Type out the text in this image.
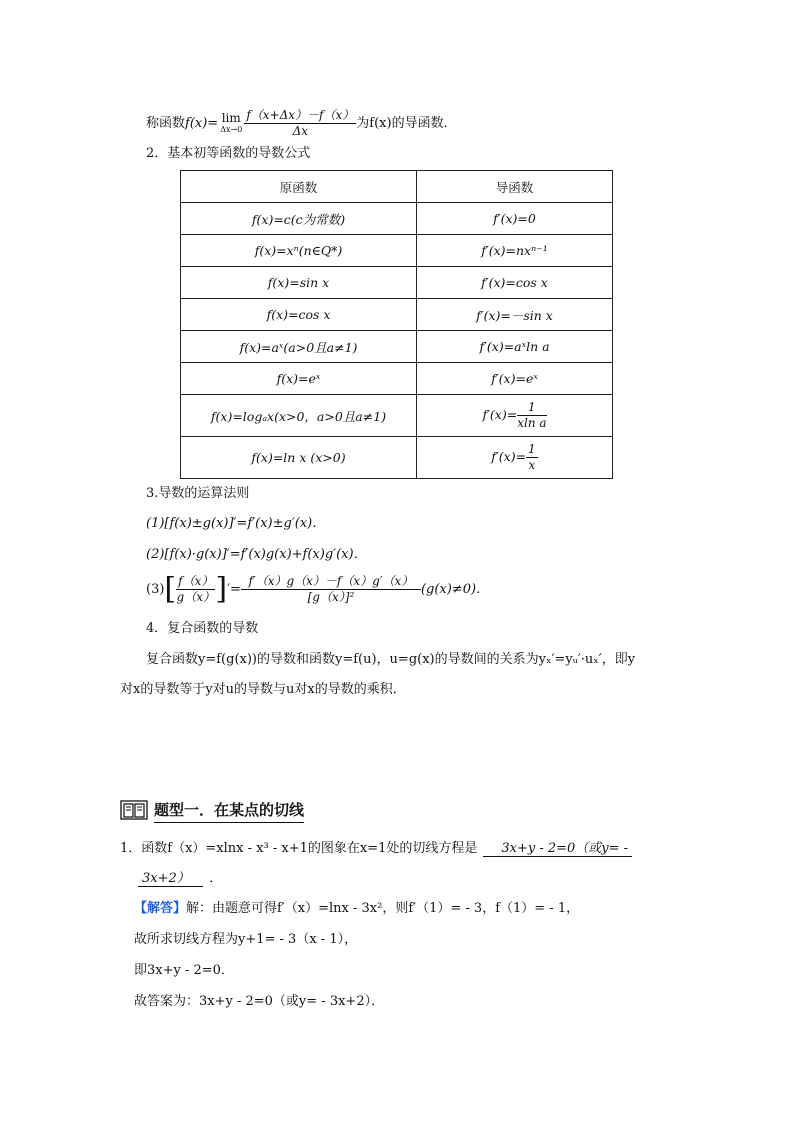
称函数f(x)= lim
$\Delta x\to 0 \frac{f(x+\Delta x)-f(x)}{\Delta x}$ 为f(x)的导函数．
2．基本初等函数的导数公式
原函数	导函数
f(x)=c(c为常数)	f′(x)=0
f(x)=xⁿ(n∈Q*)	f′(x)=nxⁿ⁻¹
f(x)=sin x	f′(x)=cos x
f(x)=cos x	f′(x)=－sin x
f(x)=aˣ(a>0且a≠1)	f′(x)=aˣln a
f(x)=eˣ	f′(x)=eˣ
f(x)=logₐx(x>0，a>0且a≠1)	$f'(x)= \frac{1}{\text{xln a}}$

f(x)=ln x (x>0)	$f'(x)= \frac{1}{x}$
3.导数的运算法则
(1)[f(x)±g(x)]′=f′(x)±g′(x)．
(2)[f(x)·g(x)]′=f′(x)g(x)+f(x)g′(x)．
$(3)[ \frac{f(x)}{g(x)}$ ]′= $\frac{f'(x)g(x)-f(x)g'(x)}{\text{[g（x）]²}} (g(x)\ne 0)$．
4．复合函数的导数
复合函数y=f(g(x))的导数和函数y=f(u)，u=g(x)的导数间的关系为yₓ′=yᵤ′·uₓ′，即y
对x的导数等于y对u的导数与u对x的导数的乘积．
题型一．在某点的切线
1．函数f（x）=xlnx - x³ - x+1的图象在x=1处的切线方程是 3x+y - 2=0（或y= -
3x+2） ．
【解答】解：由题意可得f′（x）=lnx - 3x²，则f′（1）= - 3，f（1）= - 1，
故所求切线方程为y+1= - 3（x - 1），
即3x+y - 2=0．
故答案为：3x+y - 2=0（或y= - 3x+2）．
